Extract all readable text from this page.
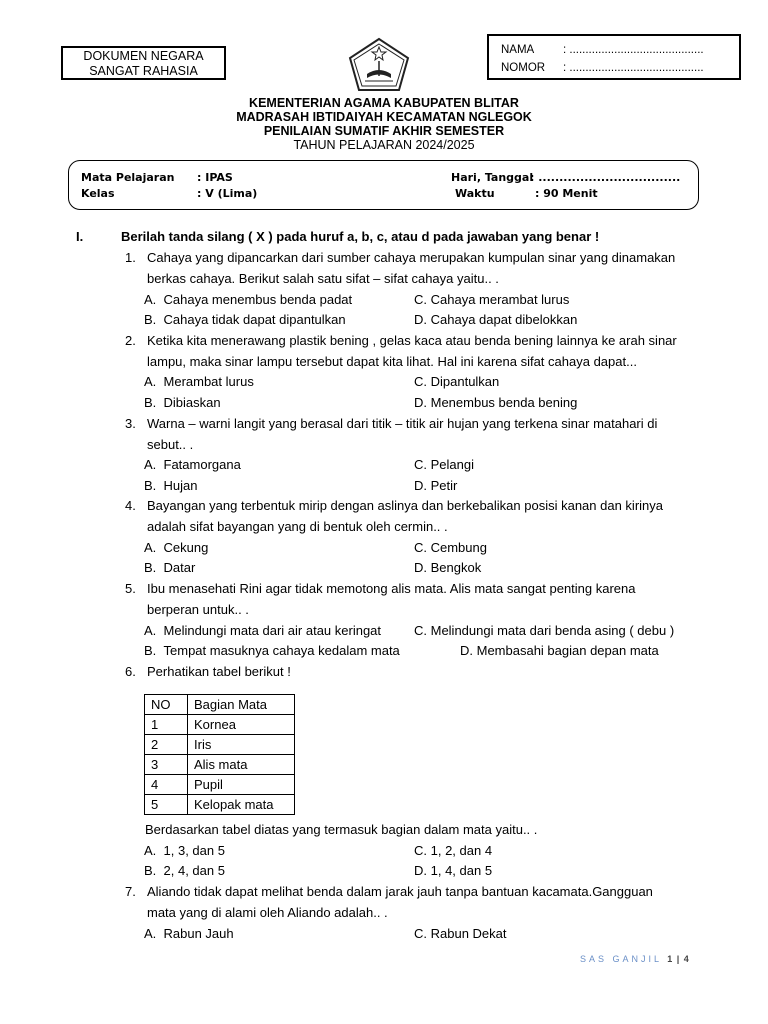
DOKUMEN NEGARA
SANGAT RAHASIA
NAMA	: ..........................................
NOMOR : ..........................................
KEMENTERIAN AGAMA KABUPATEN BLITAR
MADRASAH IBTIDAIYAH KECAMATAN NGLEGOK
PENILAIAN SUMATIF AKHIR SEMESTER
TAHUN PELAJARAN 2024/2025
Mata Pelajaran : IPAS
Kelas	: V (Lima)
Hari, Tanggal
: ..................................
Waktu	: 90 Menit
I.	Berilah tanda silang ( X ) pada huruf a, b, c, atau d pada jawaban yang benar !
1. Cahaya yang dipancarkan dari sumber cahaya merupakan kumpulan sinar yang dinamakan
berkas cahaya. Berikut salah satu sifat – sifat cahaya yaitu.. .
A.  Cahaya menembus benda padat	C. Cahaya merambat lurus
B.  Cahaya tidak dapat dipantulkan	D. Cahaya dapat dibelokkan
2. Ketika kita menerawang plastik bening , gelas kaca atau benda bening lainnya ke arah sinar
lampu, maka sinar lampu tersebut dapat kita lihat. Hal ini karena sifat cahaya dapat...
A.  Merambat lurus	C. Dipantulkan
B.  Dibiaskan	D. Menembus benda bening
3. Warna – warni langit yang berasal dari titik – titik air hujan yang terkena sinar matahari di
sebut.. .
A.  Fatamorgana	C. Pelangi
B.  Hujan	D. Petir
4. Bayangan yang terbentuk mirip dengan aslinya dan berkebalikan posisi kanan dan kirinya
adalah sifat bayangan yang di bentuk oleh cermin.. .
A.  Cekung	C. Cembung
B.  Datar	D. Bengkok
5. Ibu menasehati Rini agar tidak memotong alis mata. Alis mata sangat penting karena
berperan untuk.. .
A.  Melindungi mata dari air atau keringat	C. Melindungi mata dari benda asing ( debu )
B.  Tempat masuknya cahaya kedalam mata	D. Membasahi bagian depan mata
6. Perhatikan tabel berikut !
NO	Bagian Mata
1	Kornea
2	Iris
3	Alis mata
4	Pupil
5	Kelopak mata
Berdasarkan tabel diatas yang termasuk bagian dalam mata yaitu.. .
A.  1, 3, dan 5	C. 1, 2, dan 4
B.  2, 4, dan 5	D. 1, 4, dan 5
7. Aliando tidak dapat melihat benda dalam jarak jauh tanpa bantuan kacamata.Gangguan
mata yang di alami oleh Aliando adalah.. .
A.  Rabun Jauh	C. Rabun Dekat
SAS GANJIL 1 | 4
